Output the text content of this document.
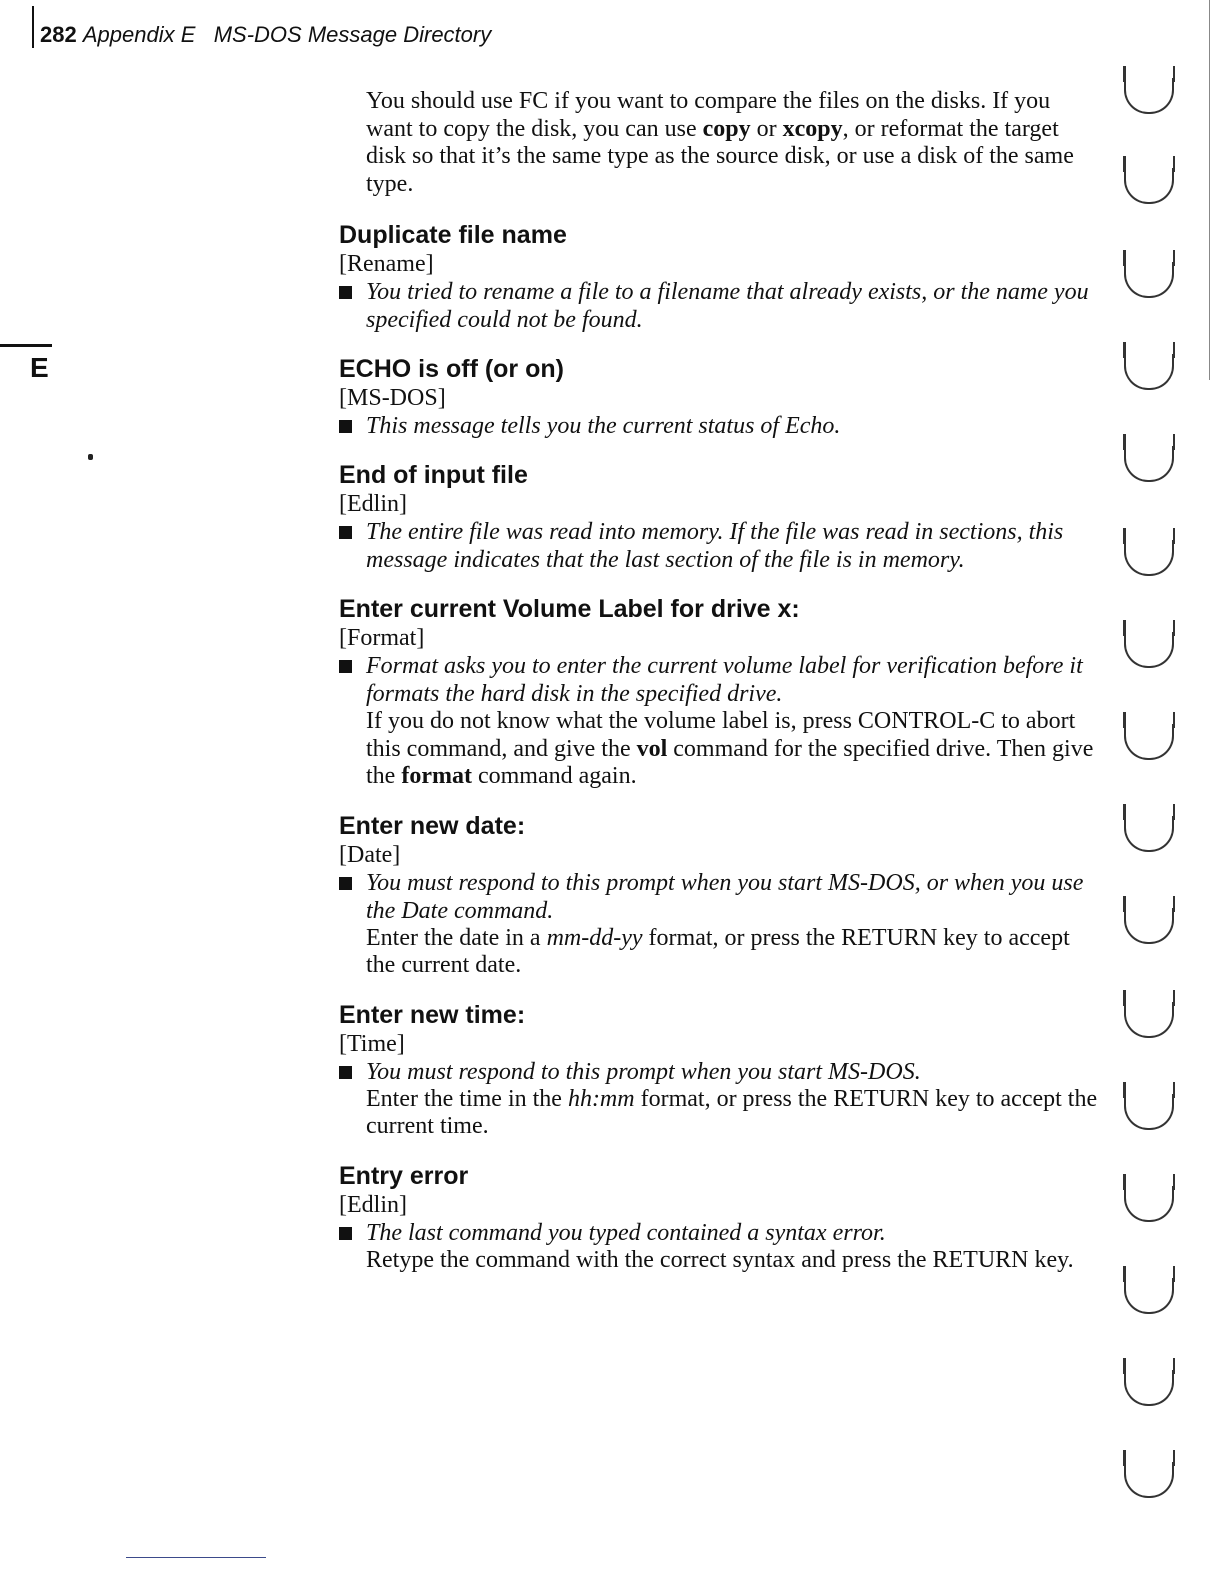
282 Appendix E MS-DOS Message Directory
E

You should use FC if you want to compare the files on the disks. If you want to copy the disk, you can use copy or xcopy, or reformat the target disk so that it’s the same type as the source disk, or use a disk of the same type.

Duplicate file name

[Rename]

You tried to rename a file to a filename that already exists, or the name you specified could not be found.

ECHO is off (or on)

[MS-DOS]

This message tells you the current status of Echo.

End of input file

[Edlin]

The entire file was read into memory. If the file was read in sections, this message indicates that the last section of the file is in memory.

Enter current Volume Label for drive x:

[Format]

Format asks you to enter the current volume label for verification before it formats the hard disk in the specified drive.

If you do not know what the volume label is, press CONTROL-C to abort this command, and give the vol command for the specified drive. Then give the format command again.

Enter new date:

[Date]

You must respond to this prompt when you start MS-DOS, or when you use the Date command.

Enter the date in a mm-dd-yy format, or press the RETURN key to accept the current date.

Enter new time:

[Time]

You must respond to this prompt when you start MS-DOS.

Enter the time in the hh:mm format, or press the RETURN key to accept the current time.

Entry error

[Edlin]

The last command you typed contained a syntax error.

Retype the command with the correct syntax and press the RETURN key.
